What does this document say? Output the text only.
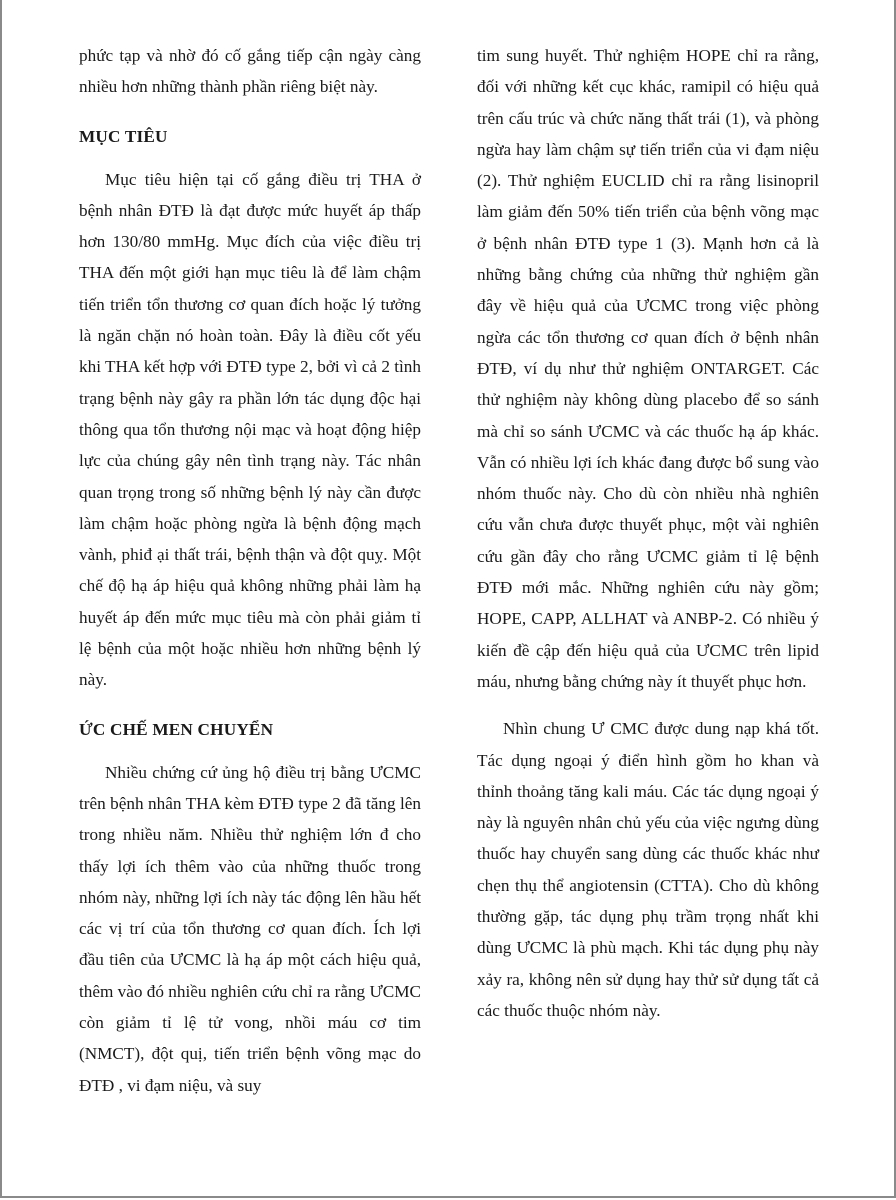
phức tạp và nhờ đó cố gắng tiếp cận ngày càng nhiều hơn những thành phần riêng biệt này.

MỤC TIÊU

Mục tiêu hiện tại cố gắng điều trị THA ở bệnh nhân ĐTĐ là đạt được mức huyết áp thấp hơn 130/80 mmHg. Mục đích của việc điều trị THA đến một giới hạn mục tiêu là để làm chậm tiến triển tổn thương cơ quan đích hoặc lý tưởng là ngăn chặn nó hoàn toàn. Đây là điều cốt yếu khi THA kết hợp với ĐTĐ type 2, bởi vì cả 2 tình trạng bệnh này gây ra phần lớn tác dụng độc hại thông qua tổn thương nội mạc và hoạt động hiệp lực của chúng gây nên tình trạng này. Tác nhân quan trọng trong số những bệnh lý này cần được làm chậm hoặc phòng ngừa là bệnh động mạch vành, phiđ ại thất trái, bệnh thận và đột quỵ. Một chế độ hạ áp hiệu quả không những phải làm hạ huyết áp đến mức mục tiêu mà còn phải giảm tỉ lệ bệnh của một hoặc nhiều hơn những bệnh lý này.

ỨC CHẾ MEN CHUYỂN

Nhiều chứng cứ ủng hộ điều trị bằng ƯCMC trên bệnh nhân THA kèm ĐTĐ type 2 đã tăng lên trong nhiều năm. Nhiều thử nghiệm lớn đ cho thấy lợi ích thêm vào của những thuốc trong nhóm này, những lợi ích này tác động lên hầu hết các vị trí của tổn thương cơ quan đích. Ích lợi đầu tiên của ƯCMC là hạ áp một cách hiệu quả, thêm vào đó nhiều nghiên cứu chỉ ra rằng ƯCMC còn giảm tỉ lệ tử vong, nhồi máu cơ tim (NMCT), đột quị, tiến triển bệnh võng mạc do ĐTĐ , vi đạm niệu, và suy

tim sung huyết. Thử nghiệm HOPE chỉ ra rằng, đối với những kết cục khác, ramipil có hiệu quả trên cấu trúc và chức năng thất trái (1), và phòng ngừa hay làm chậm sự tiến triển của vi đạm niệu (2). Thử nghiệm EUCLID chỉ ra rằng lisinopril làm giảm đến 50% tiến triển của bệnh võng mạc ở bệnh nhân ĐTĐ type 1 (3). Mạnh hơn cả là những bằng chứng của những thử nghiệm gần đây về hiệu quả của ƯCMC trong việc phòng ngừa các tổn thương cơ quan đích ở bệnh nhân ĐTĐ, ví dụ như thử nghiệm ONTARGET. Các thử nghiệm này không dùng placebo để so sánh mà chỉ so sánh ƯCMC và các thuốc hạ áp khác. Vẫn có nhiều lợi ích khác đang được bổ sung vào nhóm thuốc này. Cho dù còn nhiều nhà nghiên cứu vẫn chưa được thuyết phục, một vài nghiên cứu gần đây cho rằng ƯCMC giảm tỉ lệ bệnh ĐTĐ mới mắc. Những nghiên cứu này gồm; HOPE, CAPP, ALLHAT và ANBP-2. Có nhiều ý kiến đề cập đến hiệu quả của ƯCMC trên lipid máu, nhưng bằng chứng này ít thuyết phục hơn.

Nhìn chung Ư CMC được dung nạp khá tốt. Tác dụng ngoại ý điển hình gồm ho khan và thỉnh thoảng tăng kali máu. Các tác dụng ngoại ý này là nguyên nhân chủ yếu của việc ngưng dùng thuốc hay chuyển sang dùng các thuốc khác như chẹn thụ thể angiotensin (CTTA). Cho dù không thường gặp, tác dụng phụ trầm trọng nhất khi dùng ƯCMC là phù mạch. Khi tác dụng phụ này xảy ra, không nên sử dụng hay thử sử dụng tất cả các thuốc thuộc nhóm này.
